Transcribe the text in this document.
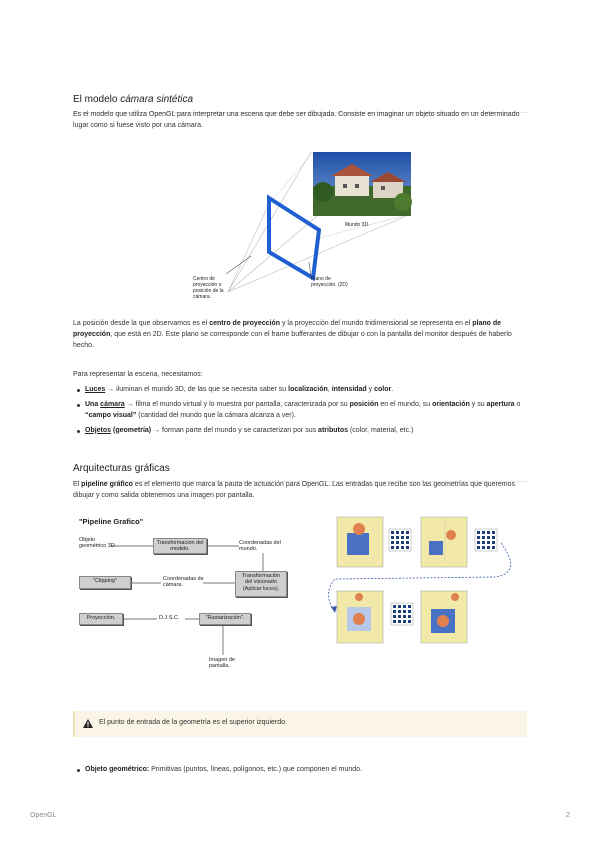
El modelo cámara sintética

Es el modelo que utiliza OpenGL para interpretar una escena que debe ser dibujada. Consiste en imaginar un objeto situado en un determinado lugar como si fuese visto por una cámara.

Centro de
proyección o
posición de la
cámara.
Mundo 3D.
Plano de
proyección. (2D)

La posición desde la que observamos es el centro de proyección y la proyección del mundo tridimensional se representa en el plano de proyección, que está en 2D. Este plano se corresponde con el frame bufferantes de dibujar o con la pantalla del monitor después de haberlo hecho.

Para representar la escena, necesitamos:

Luces → iluminan el mundo 3D, de las que se necesita saber su localización, intensidad y color.
Una cámara → filma el mundo virtual y lo muestra por pantalla, caracterizada por su posición en el mundo, su orientación y su apertura o “campo visual” (cantidad del mundo que la cámara alcanza a ver).
Objetos (geometría) → forman parte del mundo y se caracterizan por sus atributos (color, material, etc.)
Arquitecturas gráficas

El pipeline gráfico es el elemento que marca la pauta de actuación para OpenGL. Las entradas que recibe son las geometrías que queremos dibujar y como salida obtenemos una imagen por pantalla.

"Pipeline Grafico"
Objeto geométrico 3D
Transformacion del modelo.
Coordenadas del mundo.
"Clipping"	Coordenadas de cámara.
Transformación del visionado (Aplicar luces).
Proyección.	D.J.S.C.	"Rastarización".
Imagen de pantalla.
El punto de entrada de la geometría es el superior izquierdo.
Objeto geométrico: Primitivas (puntos, líneas, polígonos, etc.) que componen el mundo.
OpenGL	2
